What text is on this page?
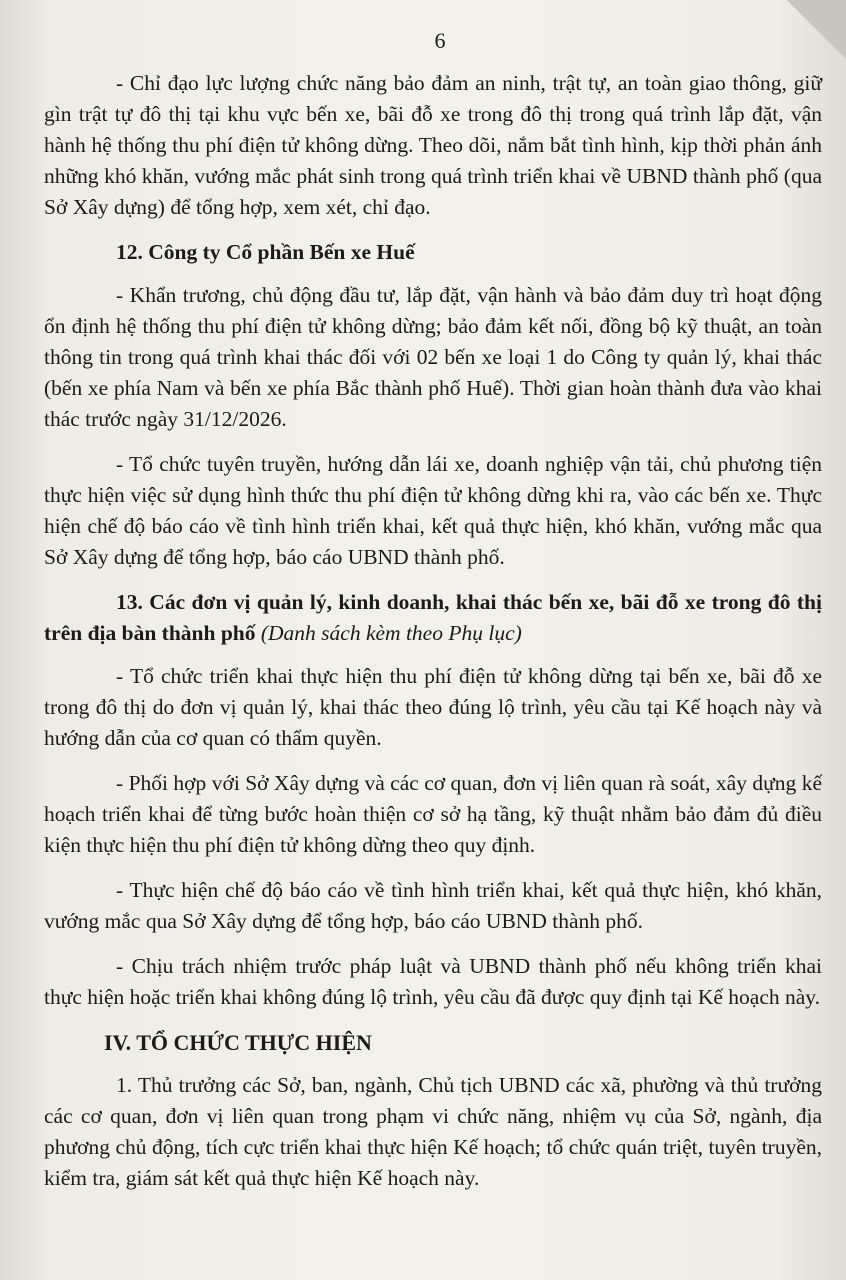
6

- Chỉ đạo lực lượng chức năng bảo đảm an ninh, trật tự, an toàn giao thông, giữ gìn trật tự đô thị tại khu vực bến xe, bãi đỗ xe trong đô thị trong quá trình lắp đặt, vận hành hệ thống thu phí điện tử không dừng. Theo dõi, nắm bắt tình hình, kịp thời phản ánh những khó khăn, vướng mắc phát sinh trong quá trình triển khai về UBND thành phố (qua Sở Xây dựng) để tổng hợp, xem xét, chỉ đạo.

12. Công ty Cổ phần Bến xe Huế

- Khẩn trương, chủ động đầu tư, lắp đặt, vận hành và bảo đảm duy trì hoạt động ổn định hệ thống thu phí điện tử không dừng; bảo đảm kết nối, đồng bộ kỹ thuật, an toàn thông tin trong quá trình khai thác đối với 02 bến xe loại 1 do Công ty quản lý, khai thác (bến xe phía Nam và bến xe phía Bắc thành phố Huế). Thời gian hoàn thành đưa vào khai thác trước ngày 31/12/2026.

- Tổ chức tuyên truyền, hướng dẫn lái xe, doanh nghiệp vận tải, chủ phương tiện thực hiện việc sử dụng hình thức thu phí điện tử không dừng khi ra, vào các bến xe. Thực hiện chế độ báo cáo về tình hình triển khai, kết quả thực hiện, khó khăn, vướng mắc qua Sở Xây dựng để tổng hợp, báo cáo UBND thành phố.

13. Các đơn vị quản lý, kinh doanh, khai thác bến xe, bãi đỗ xe trong đô thị trên địa bàn thành phố (Danh sách kèm theo Phụ lục)

- Tổ chức triển khai thực hiện thu phí điện tử không dừng tại bến xe, bãi đỗ xe trong đô thị do đơn vị quản lý, khai thác theo đúng lộ trình, yêu cầu tại Kế hoạch này và hướng dẫn của cơ quan có thẩm quyền.

- Phối hợp với Sở Xây dựng và các cơ quan, đơn vị liên quan rà soát, xây dựng kế hoạch triển khai để từng bước hoàn thiện cơ sở hạ tầng, kỹ thuật nhằm bảo đảm đủ điều kiện thực hiện thu phí điện tử không dừng theo quy định.

- Thực hiện chế độ báo cáo về tình hình triển khai, kết quả thực hiện, khó khăn, vướng mắc qua Sở Xây dựng để tổng hợp, báo cáo UBND thành phố.

- Chịu trách nhiệm trước pháp luật và UBND thành phố nếu không triển khai thực hiện hoặc triển khai không đúng lộ trình, yêu cầu đã được quy định tại Kế hoạch này.

IV. TỔ CHỨC THỰC HIỆN

1. Thủ trưởng các Sở, ban, ngành, Chủ tịch UBND các xã, phường và thủ trưởng các cơ quan, đơn vị liên quan trong phạm vi chức năng, nhiệm vụ của Sở, ngành, địa phương chủ động, tích cực triển khai thực hiện Kế hoạch; tổ chức quán triệt, tuyên truyền, kiểm tra, giám sát kết quả thực hiện Kế hoạch này.
